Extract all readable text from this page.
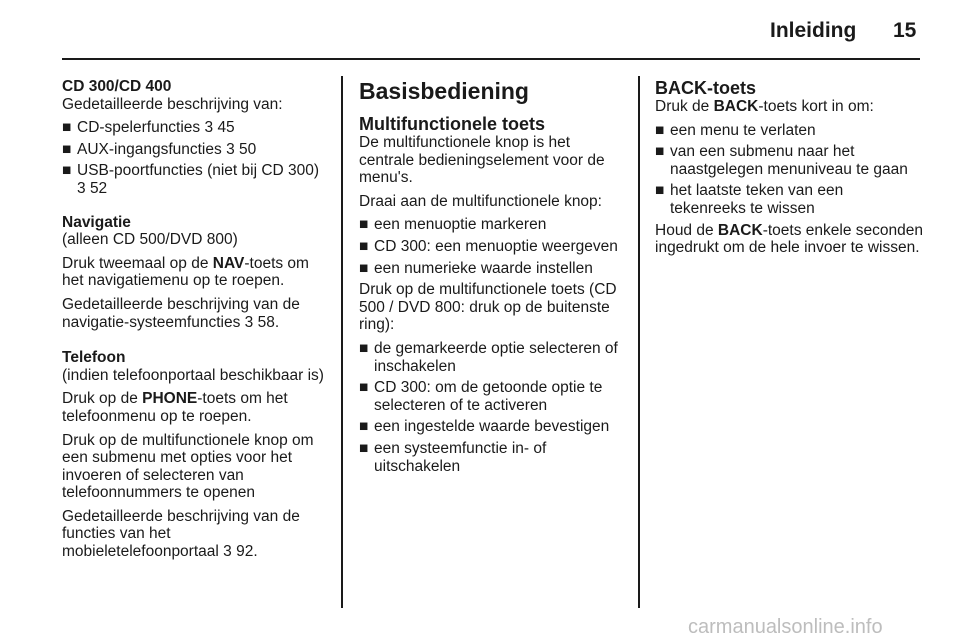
Inleiding 15
CD 300/CD 400

Gedetailleerde beschrijving van:

■ CD-spelerfuncties 3 45
■ AUX-ingangsfuncties 3 50
■ USB-poortfuncties (niet bij CD 300)
3 52
Navigatie

(alleen CD 500/DVD 800)

Druk tweemaal op de NAV-toets om het navigatiemenu op te roepen.

Gedetailleerde beschrijving van de navigatie-systeemfuncties 3 58.

Telefoon

(indien telefoonportaal beschikbaar is)

Druk op de PHONE-toets om het telefoonmenu op te roepen.

Druk op de multifunctionele knop om een submenu met opties voor het invoeren of selecteren van telefoonnummers te openen

Gedetailleerde beschrijving van de functies van het mobieletelefoonportaal 3 92.

Basisbediening
Multifunctionele toets

De multifunctionele knop is het centrale bedieningselement voor de menu's.

Draai aan de multifunctionele knop:

■ een menuoptie markeren
■ CD 300: een menuoptie weergeven
■ een numerieke waarde instellen

Druk op de multifunctionele toets (CD 500 / DVD 800: druk op de buitenste ring):

■ de gemarkeerde optie selecteren of inschakelen
■ CD 300: om de getoonde optie te selecteren of te activeren
■ een ingestelde waarde bevestigen
■ een systeemfunctie in- of uitschakelen
BACK-toets

Druk de BACK-toets kort in om:

■ een menu te verlaten
■ van een submenu naar het naastgelegen menuniveau te gaan
■ het laatste teken van een tekenreeks te wissen

Houd de BACK-toets enkele seconden ingedrukt om de hele invoer te wissen.

carmanualsonline.info
